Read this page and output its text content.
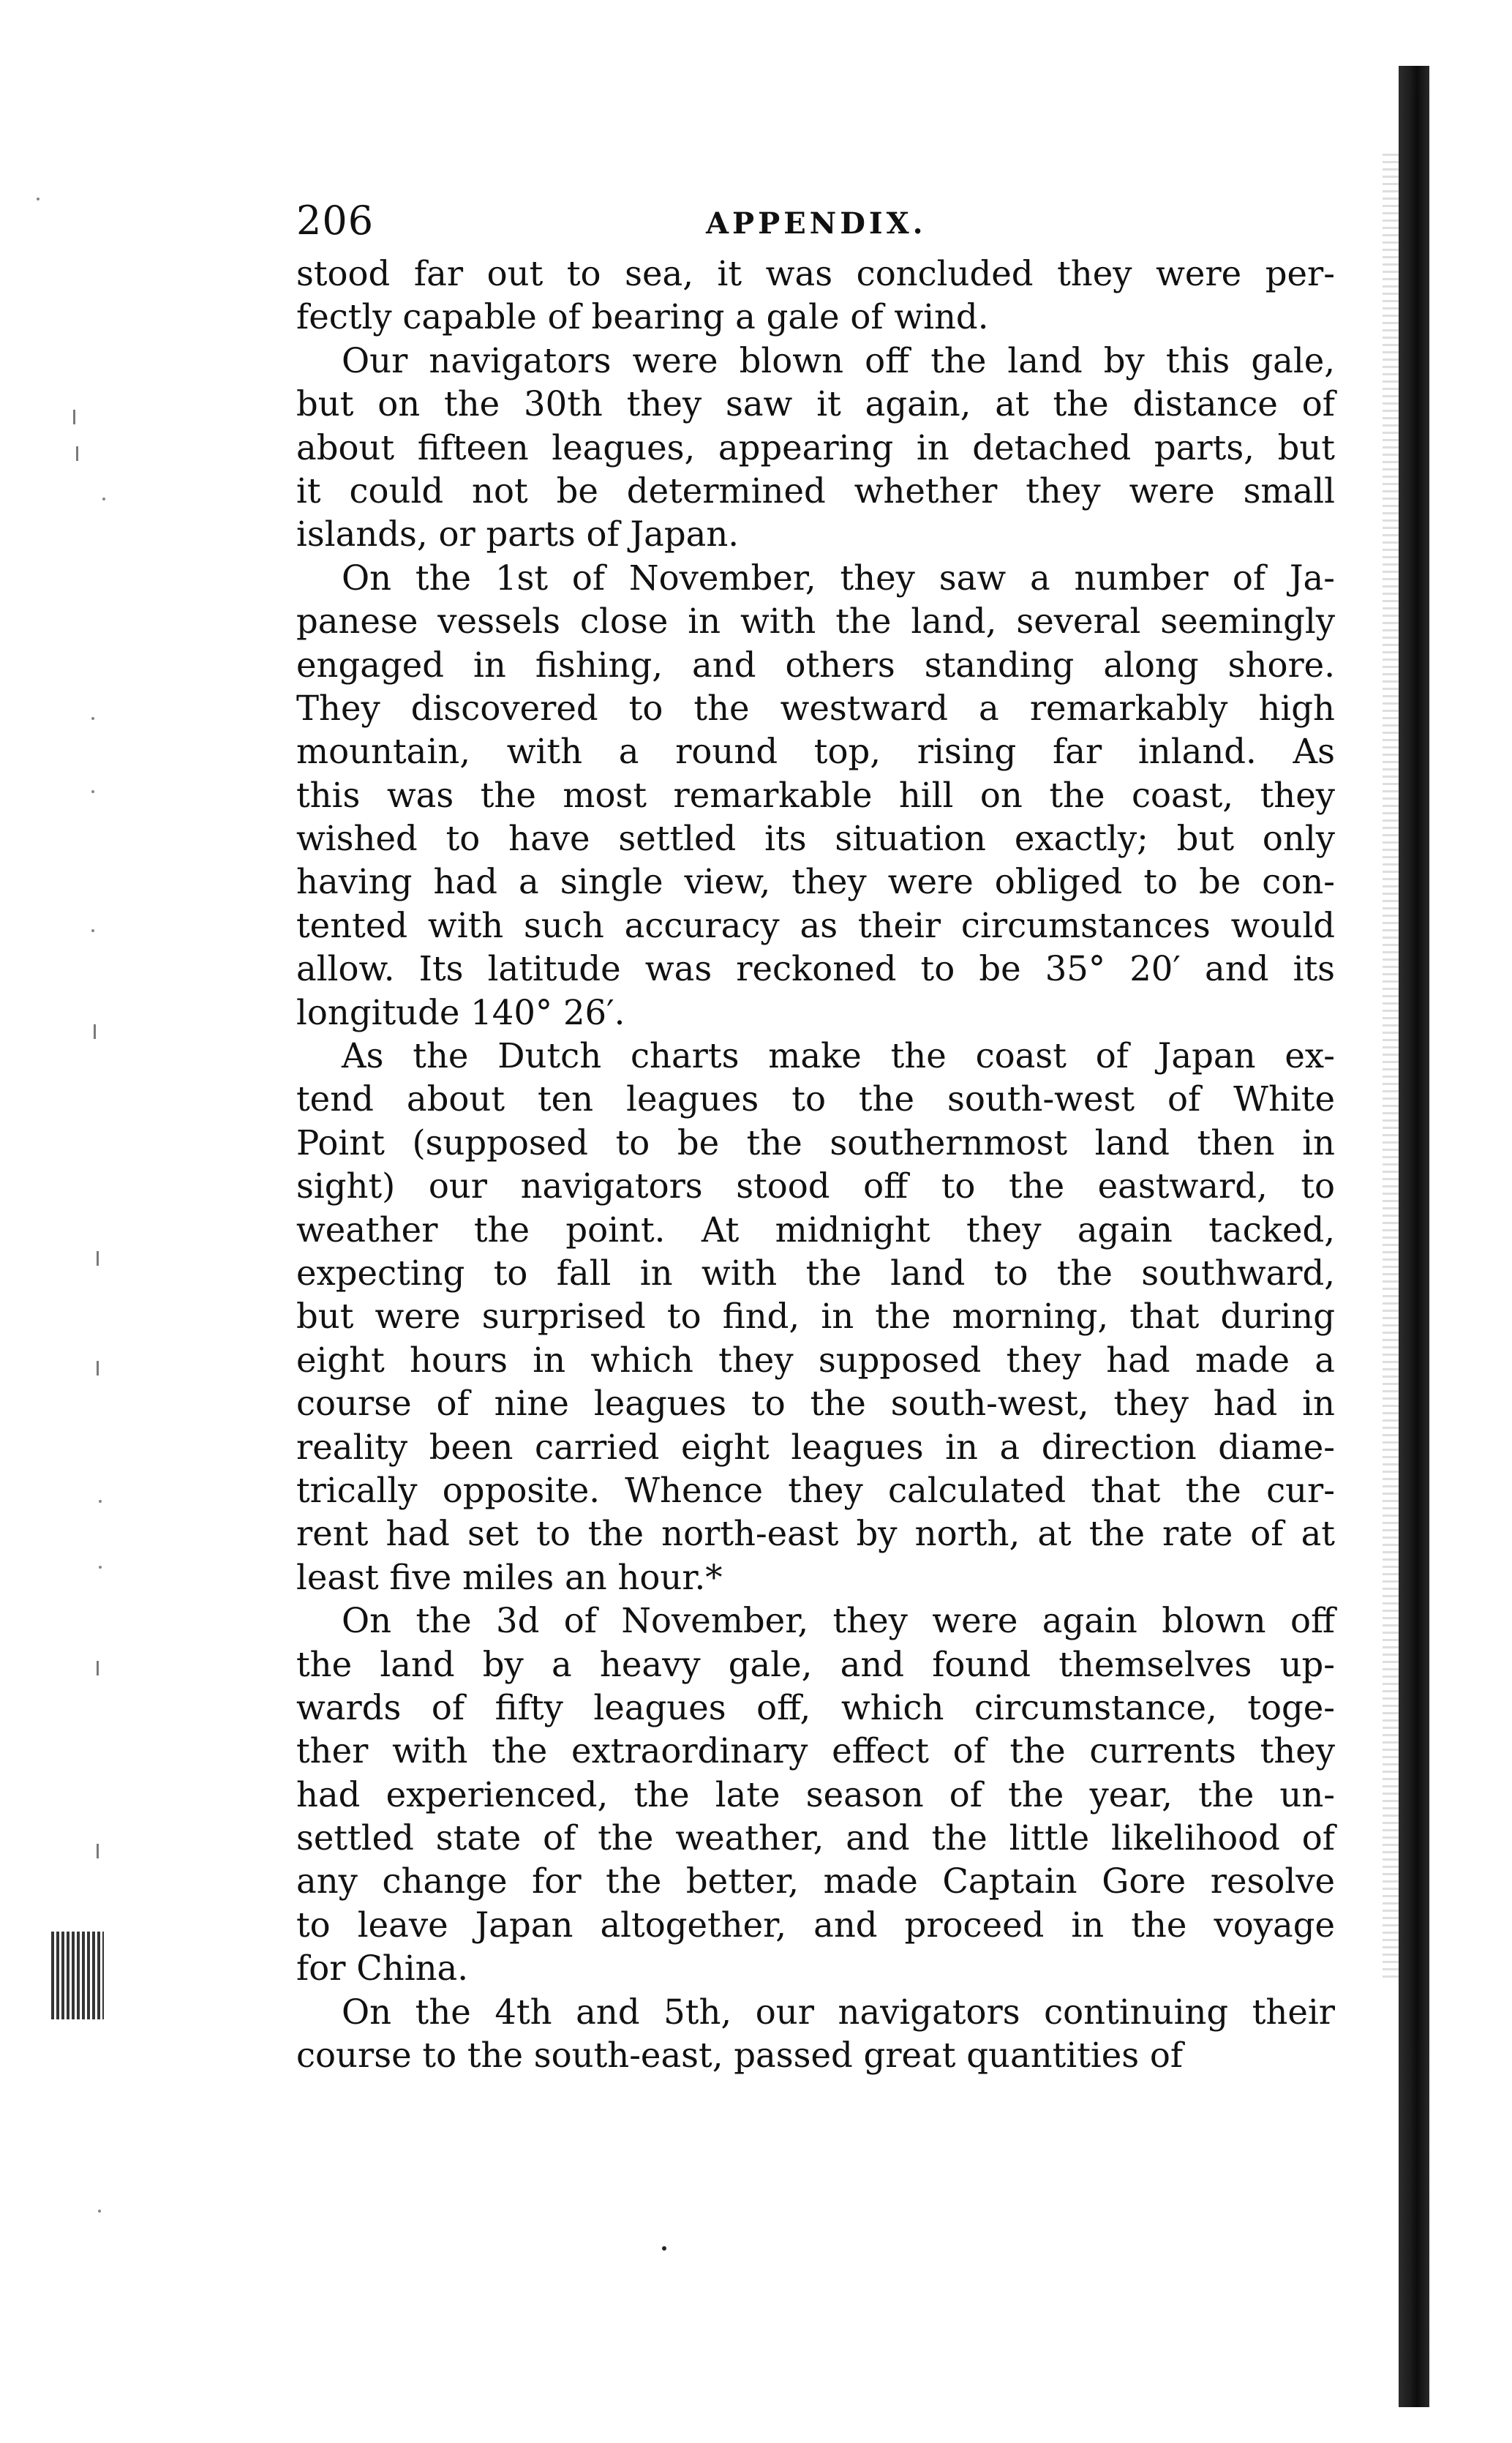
206	APPENDIX.
stood far out to sea, it was concluded they were per-
fectly capable of bearing a gale of wind.
Our navigators were blown off the land by this gale,
but on the 30th they saw it again, at the distance of
about fifteen leagues, appearing in detached parts, but
it could not be determined whether they were small
islands, or parts of Japan.
On the 1st of November, they saw a number of Ja-
panese vessels close in with the land, several seemingly
engaged in fishing, and others standing along shore.
They discovered to the westward a remarkably high
mountain, with a round top, rising far inland. As
this was the most remarkable hill on the coast, they
wished to have settled its situation exactly; but only
having had a single view, they were obliged to be con-
tented with such accuracy as their circumstances would
allow. Its latitude was reckoned to be 35° 20′ and its
longitude 140° 26′.
As the Dutch charts make the coast of Japan ex-
tend about ten leagues to the south-west of White
Point (supposed to be the southernmost land then in
sight) our navigators stood off to the eastward, to
weather the point. At midnight they again tacked,
expecting to fall in with the land to the southward,
but were surprised to find, in the morning, that during
eight hours in which they supposed they had made a
course of nine leagues to the south-west, they had in
reality been carried eight leagues in a direction diame-
trically opposite. Whence they calculated that the cur-
rent had set to the north-east by north, at the rate of at
least five miles an hour.*
On the 3d of November, they were again blown off
the land by a heavy gale, and found themselves up-
wards of fifty leagues off, which circumstance, toge-
ther with the extraordinary effect of the currents they
had experienced, the late season of the year, the un-
settled state of the weather, and the little likelihood of
any change for the better, made Captain Gore resolve
to leave Japan altogether, and proceed in the voyage
for China.
On the 4th and 5th, our navigators continuing their
course to the south-east, passed great quantities of
